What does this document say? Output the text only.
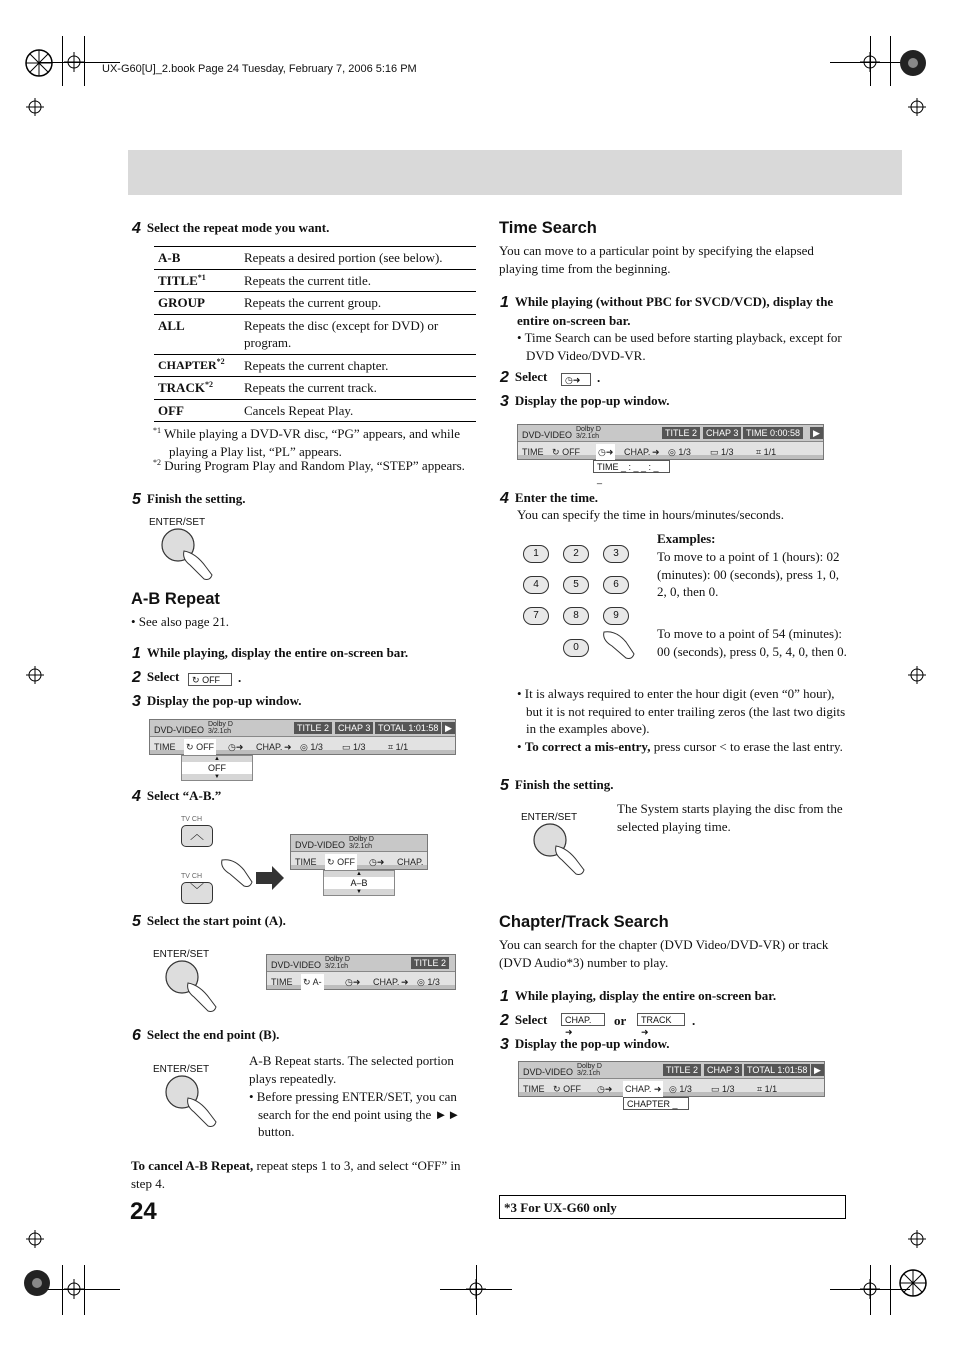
UX-G60[U]_2.book Page 24 Tuesday, February 7, 2006 5:16 PM
4 Select the repeat mode you want.
A-B	Repeats a desired portion (see below).
TITLE$^{*1}$	Repeats the current title.
GROUP	Repeats the current group.
ALL	Repeats the disc (except for DVD) or program.
CHAPTER$^{*2}$	Repeats the current chapter.
TRACK$^{*2}$	Repeats the current track.
OFF	Cancels Repeat Play.
$^{*1}$ While playing a DVD-VR disc, “PG” appears, and while playing a Play list, “PL” appears.
$^{*2}$ During Program Play and Random Play, “STEP” appears.
5 Finish the setting.
ENTER/SET
A-B Repeat
• See also page 21.
1 While playing, display the entire on-screen bar.
2 Select	↻ OFF	.
3 Display the pop-up window.
DVD-VIDEO
Dolby D
3/2.1ch	TITLE 2 CHAP 3 TOTAL 1:01:58 ▶
TIME ↻ OFF ◷➜ CHAP. ➜ ◎ 1/3 ▭ 1/3 ⌗ 1/1
▲
OFF
▼
4 Select “A-B.”
TV CH
︿
TV CH
﹀
DVD-VIDEO
Dolby D
3/2.1ch
TIME ↻ OFF ◷➜ CHAP.
▲
A–B
▼
5 Select the start point (A).
ENTER/SET
DVD-VIDEO
Dolby D
3/2.1ch	TITLE 2
TIME ↻ A-	◷➜ CHAP. ➜ ◎ 1/3
6 Select the end point (B).
ENTER/SET
A-B Repeat starts. The selected portion plays repeatedly.
• Before pressing ENTER/SET, you can search for the end point using the ►► button.
To cancel A-B Repeat, repeat steps 1 to 3, and select “OFF” in step 4.
24
Time Search
You can move to a particular point by specifying the elapsed playing time from the beginning.
1 While playing (without PBC for SVCD/VCD), display the entire on-screen bar.
• Time Search can be used before starting playback, except for DVD Video/DVD-VR.
2 Select	◷➜	.
3 Display the pop-up window.
DVD-VIDEO
Dolby D
3/2.1ch	TITLE 2 CHAP 3 TIME 0:00:58	▶
TIME ↻ OFF ◷➜ CHAP. ➜ ◎ 1/3 ▭ 1/3 ⌗ 1/1
TIME _ : _ _ : _ _
4 Enter the time.
You can specify the time in hours/minutes/seconds.
1	2	3
4	5	6
7	8	9
0
Examples:
To move to a point of 1 (hours): 02 (minutes): 00 (seconds), press 1, 0, 2, 0, then 0.
To move to a point of 54 (minutes): 00 (seconds), press 0, 5, 4, 0, then 0.
• It is always required to enter the hour digit (even “0” hour), but it is not required to enter trailing zeros (the last two digits in the examples above).
• To correct a mis-entry, press cursor < to erase the last entry.
5 Finish the setting.
ENTER/SET
The System starts playing the disc from the selected playing time.
Chapter/Track Search
You can search for the chapter (DVD Video/DVD-VR) or track (DVD Audio*3) number to play.
1 While playing, display the entire on-screen bar.
2 Select	CHAP. ➜
or	TRACK ➜
.
3 Display the pop-up window.
DVD-VIDEO
Dolby D
3/2.1ch	TITLE 2 CHAP 3 TOTAL 1:01:58 ▶
TIME ↻ OFF ◷➜ CHAP. ➜ ◎ 1/3 ▭ 1/3 ⌗ 1/1
CHAPTER _
*3 For UX-G60 only
